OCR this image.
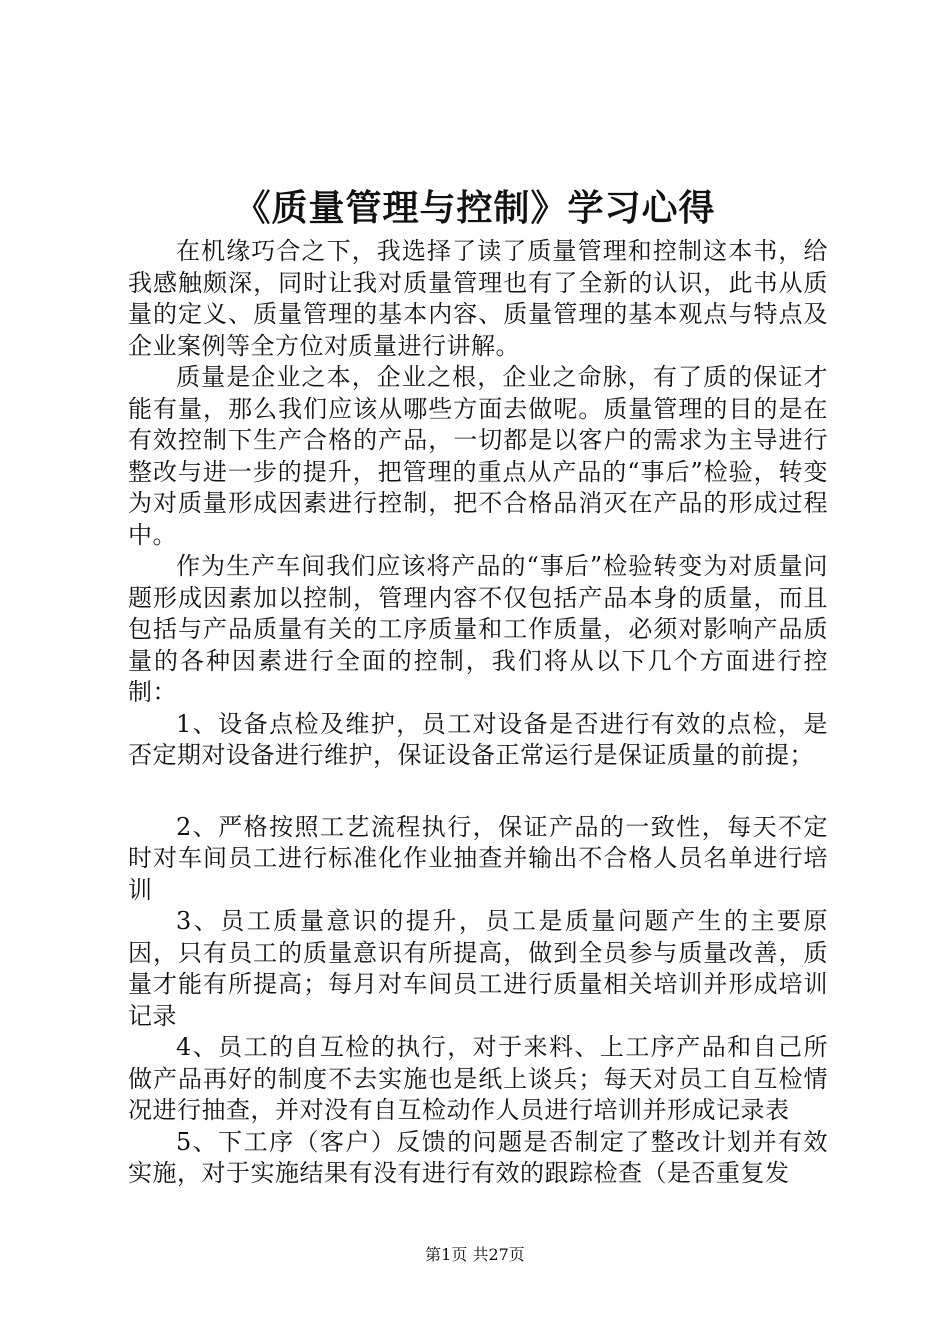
《质量管理与控制》学习心得

在机缘巧合之下，我选择了读了质量管理和控制这本书，给我感触颇深，同时让我对质量管理也有了全新的认识，此书从质量的定义、质量管理的基本内容、质量管理的基本观点与特点及企业案例等全方位对质量进行讲解。

质量是企业之本，企业之根，企业之命脉，有了质的保证才能有量，那么我们应该从哪些方面去做呢。质量管理的目的是在有效控制下生产合格的产品，一切都是以客户的需求为主导进行整改与进一步的提升，把管理的重点从产品的“事后”检验，转变为对质量形成因素进行控制，把不合格品消灭在产品的形成过程中。

作为生产车间我们应该将产品的“事后”检验转变为对质量问题形成因素加以控制，管理内容不仅包括产品本身的质量，而且包括与产品质量有关的工序质量和工作质量，必须对影响产品质量的各种因素进行全面的控制，我们将从以下几个方面进行控制：

1、设备点检及维护，员工对设备是否进行有效的点检，是否定期对设备进行维护，保证设备正常运行是保证质量的前提；

2、严格按照工艺流程执行，保证产品的一致性，每天不定时对车间员工进行标准化作业抽查并输出不合格人员名单进行培训

3、员工质量意识的提升，员工是质量问题产生的主要原因，只有员工的质量意识有所提高，做到全员参与质量改善，质量才能有所提高；每月对车间员工进行质量相关培训并形成培训记录

4、员工的自互检的执行，对于来料、上工序产品和自己所做产品再好的制度不去实施也是纸上谈兵；每天对员工自互检情况进行抽查，并对没有自互检动作人员进行培训并形成记录表

5、下工序（客户）反馈的问题是否制定了整改计划并有效实施，对于实施结果有没有进行有效的跟踪检查（是否重复发

第1页 共27页
